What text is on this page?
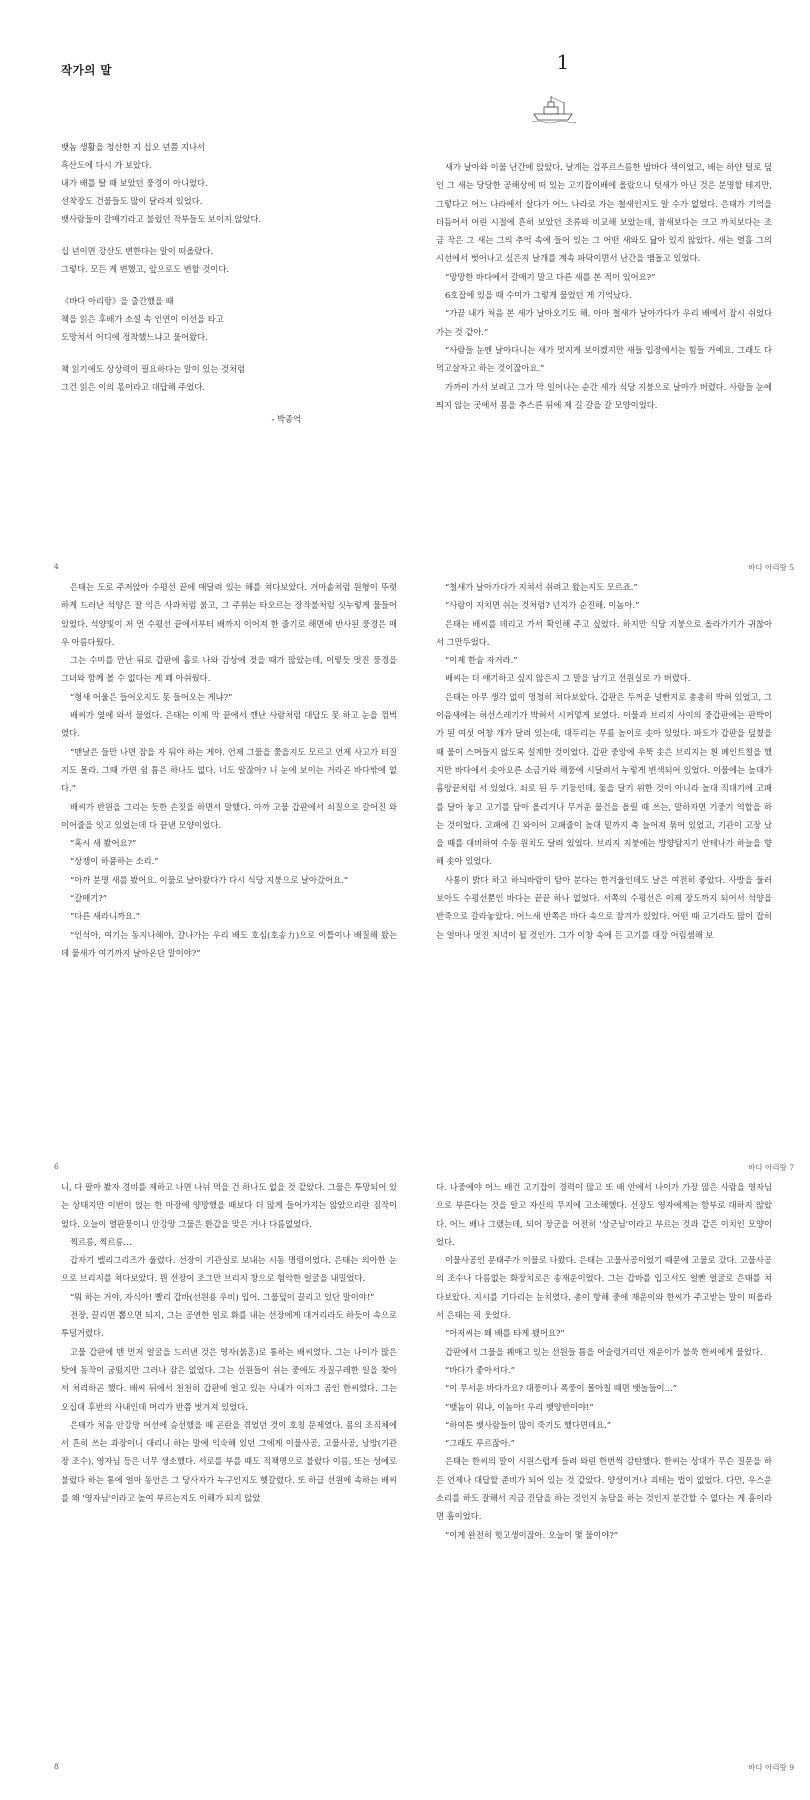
작가의 말
뱃놈 생활을 청산한 지 십오 년쯤 지나서
흑산도에 다시 가 보았다.
내가 배를 탈 때 보았던 풍경이 아니었다.
선착장도 건물들도 많이 달라져 있었다.
뱃사람들이 갈매기라고 불렀던 작부들도 보이지 않았다.
십 년이면 강산도 변한다는 말이 떠올랐다.
그렇다. 모든 게 변했고, 앞으로도 변할 것이다.
《바다 아리랑》을 출간했을 때
책을 읽은 후배가 소설 속 인연이 이선을 타고
도망쳐서 어디에 정착했느냐고 물어왔다.
책 읽기에도 상상력이 필요하다는 말이 있는 것처럼
그건 읽은 이의 몫이라고 대답해 주었다.
- 박종억
4
1

새가 날아와 이물 난간에 앉았다. 날개는 검푸르스름한 밤바다 색이었고, 배는 하얀 털로 덮인 그 새는 당당한 공해상에 떠 있는 고기잡이배에 올랐으니 텃새가 아닌 것은 분명할 테지만, 그렇다고 어느 나라에서 살다가 어느 나라로 가는 철새인지도 알 수가 없었다. 은태가 기억을 더듬어서 어린 시절에 흔히 보았던 조류와 비교해 보았는데, 참새보다는 크고 까치보다는 조금 작은 그 새는 그의 추억 속에 들어 있는 그 어떤 새와도 닮아 있지 않았다. 새는 열흘 그의 시선에서 벗어나고 싶은지 날개를 계속 파닥이면서 난간을 맴돌고 있었다.

“망망한 바다에서 갈매기 말고 다른 새를 본 적이 있어요?”

6호잡에 있을 때 수미가 그렇게 물었던 게 기억났다.

“가끔 내가 처음 본 새가 날아오기도 해. 아마 철새가 날아가다가 우리 배에서 잠시 쉬었다 가는 것 같아.”

“사람들 눈엔 날아다니는 새가 멋지게 보이겠지만 새들 입장에서는 힘들 거예요. 그래도 다 먹고살자고 하는 것이잖아요.”

가까이 가서 보려고 그가 막 일어나는 순간 새가 식당 지붕으로 날아가 버렸다. 사람들 눈에 띄지 않는 곳에서 몸을 추스른 뒤에 제 길 갈을 갈 모양이었다.

바다 아리랑 5

은태는 도로 주저앉아 수평선 끝에 매달려 있는 해를 쳐다보았다. 거마솥처럼 원형이 뚜렷하게 드러난 석양은 잘 익은 사과처럼 붉고, 그 주위는 타오르는 장작불처럼 싯누렇게 물들어 있었다. 석양빛이 저 먼 수평선 끝에서부터 배까지 이어져 한 줄기로 해면에 반사된 풍경은 매우 아름다웠다.

그는 수미를 만난 뒤로 갑판에 홀로 나와 감상에 젖을 때가 많았는데, 이렇듯 멋진 풍경을 그녀와 함께 볼 수 없다는 게 꽤 아쉬웠다.

“형새 어울은 들어오지도 못 들어오는 게냐?”

배씨가 옆에 와서 물었다. 은태는 이제 막 끝에서 깬난 사람처럼 대답도 못 하고 눈을 껌벅였다.

“맨날은 들만 나면 잠을 자 둬야 하는 게야. 언제 그물을 쭘을지도 모르고 언제 사고가 터질지도 몰라. 그때 가면 쉼 틈은 하나도 없다. 너도 알잖아? 니 눈에 보이는 거라곤 바다밖에 없다.”

배씨가 반원을 그리는 듯한 손짓을 하면서 말했다. 아까 고물 갑판에서 쇠질으로 갈어진 와이어줄을 잇고 있었는데 다 끝낸 모양이었다.

“혹시 새 봤어요?”

“상쟁이 하품하는 소리.”

“아까 분명 새를 봤어요. 이물로 날아왔다가 다시 식당 지붕으로 날아갔어요.”

“갈매기?”

“다른 새라니까요.”

“인석아, 여기는 동지나해야, 갈나가는 우리 배도 호심(호송力)으로 이틀이나 배질해 왔는데 뭍새가 여기까지 날아온단 말이야?”

6

“철새가 날아가다가 지쳐서 쉬려고 왔는지도 모르죠.”

“사람이 지치면 쉬는 것처럼? 넌지가 순진해. 이놈아.”

은태는 배씨를 데리고 가서 확인해 주고 싶었다. 하지만 식당 지붕으로 올라가기가 귀찮아서 그만두었다.

“이제 한숨 자거라.”

배씨는 더 얘기하고 싶지 않은지 그 말을 남기고 선원실로 가 버렸다.

은태는 아무 생각 없이 멍청히 쳐다보았다. 갑판은 두꺼운 널빤지로 총총히 박혀 있었고, 그 이음새에는 허선스레기가 박혀서 시커멓게 보였다. 이물과 브리지 사이의 중갑판에는 판박이가 된 여섯 어창 개가 달려 있는데, 대두리는 무릎 높이로 솟아 있었다. 파도가 갑판을 덮쳤을 때 물이 스며들지 않도록 설계한 것이었다. 갑판 중앙에 우뚝 솟은 브리지는 흰 페인트칠을 했지만 바다에서 솟아오른 소금기와 해풍에 시달려서 누렇게 변색되어 있었다. 이물에는 높대가 흉앙끝처럼 서 있었다. 쇠로 된 두 기둥인데, 돛을 달기 위한 것이 아니라 높대 직대기에 고패를 달아 놓고 고기를 담아 올리거나 무거운 물건을 올릴 때 쓰는, 말하자면 기중기 역할을 하는 것이었다. 고패에 긴 와이어 고패줄이 높대 밑까지 축 늘어져 묶어 있었고, 기관이 고장 났을 때를 대비하여 수동 원치도 달려 있었다. 브리지 지붕에는 방향탐지기 안테나가 하늘을 향해 솟아 있었다.

사통이 밝다 하고 하늬바람이 탐아 분다는 한겨울인데도 날은 여전히 좋았다. 사방을 둘러보아도 수평선뿐인 바다는 끝끝 하나 없었다. 서쪽의 수평선은 이제 장도까지 되어서 석양을 반죽으로 갈라놓았다. 어느새 반쪽은 바다 속으로 잠겨가 있었다. 어떤 때 고기라도 많이 잡히는 얼마나 멋진 저녁이 될 것인가. 그가 이창 속에 든 고기를 대강 어림셈해 보

바다 아리랑 7

니, 다 팔아 봤자 경비를 제하고 나면 나뉘 먹을 건 하나도 없을 것 같았다. 그물은 투망되어 있는 상태지만 이번이 얹는 한 마장에 양망했을 때보다 더 많게 들어가지는 않았으리란 짐작이었다. 오늘이 열판뭉이니 안강망 그물은 환갑을 맞은 거나 다름없었다.

찍르릉, 찍르릉…

갑자기 벨리그리즈가 울렸다. 선장이 기관실로 보내는 시동 명령이었다. 은태는 의아한 눈으로 브리지를 쳐다보았다. 뭔 선장이 조그만 브리지 창으로 험악한 얼굴을 내밀었다.

“뭐 하는 거야, 자식아! 빨리 갑바(선원용 우비) 입어. 그물덮이 끌리고 있단 말이야!”

전장, 끌리면 뽑으면 되지, 그는 공연한 일로 화를 내는 선장에게 대거리라도 하듯이 속으로 투덜거렸다.

고물 갑판에 맨 먼저 얼굴을 드러낸 것은 영자(붉혼)로 통하는 배씨였다. 그는 나이가 많은 탓에 동작이 굼떴지만 그러나 잠은 없었다. 그는 선원들이 쉬는 중에도 자질구레한 일을 찾아서 처리하곤 했다. 배씨 뒤에서 천천히 갑판에 얼고 있는 사내가 이자그 곰인 한씨였다. 그는 오십대 후반의 사내인데 머리가 반쯤 벗겨져 있었다.

은태가 처음 안강망 어선에 승선했을 때 곤란을 겪었던 것이 호칭 문제였다. 몸의 조직체에서 흔히 쓰는 과장이니 대리니 하는 말에 익숙해 있던 그에게 이물사공, 고물사공, 낭방(기관장 조수), 영자님 등은 너무 생소했다. 서로를 부를 때도 직책명으로 불렀다 이름, 또는 성에로 불렀다 하는 통에 얼마 동안은 그 당사자가 누구인지도 헷갈렸다. 또 하급 선원에 속하는 배씨를 왜 '영자님'이라고 높여 부르는지도 이해가 되지 않았

8

다. 나중에야 어느 배건 고기잡이 경력이 많고 또 배 안에서 나이가 가장 많은 사람을 영자님으로 부른다는 것을 알고 자신의 무지에 고소해했다. 선장도 영자에게는 함부로 대하지 않았다. 어느 배나 그랬는데, 되어 장군을 어전히 '상군님'이라고 부르는 것과 같은 이치인 모양이었다.

이물사공인 문태주가 이물로 나왔다. 은태는 고물사공이었기 때문에 고물로 갔다. 고물사공의 조수나 다름없는 화장치로은 송재운이었다. 그는 갑바를 입고서도 얼빤 얼굴로 은태를 쳐다보았다. 지시를 기다리는 눈치였다. 총이 항해 중에 재운이와 한씨가 주고받는 말이 떠올라서 은태는 픽 웃었다.

“아저씨는 왜 배를 타게 됐어요?”

갑판에서 그물을 꿰매고 있는 선원들 틈을 어슬렁거리던 재운이가 불쑥 한씨에게 물었다.

“바다가 좋아서다.”

“이 무서운 바다가요? 대풍이나 폭풍이 몰아칠 때면 뱃놀들이…”

“뱃놈이 뭐냐, 이놈아! 우리 뱃양반이야!”

“하여튼 뱃사람들이 많이 죽기도 했다면데요.”

“그래도 푸르잖아.”

은태는 한씨의 말이 시원스럽게 들려 와린 한번씩 감탄했다. 한씨는 상대가 무슨 질문을 하든 언제나 대답할 준비가 되어 있는 것 같았다. 양성이거나 괴테는 법이 없었다. 다만, 우스운 소리를 하도 잘해서 지금 진담을 하는 것인지 농담을 하는 것인지 분간할 수 없다는 게 흠이라면 흠이었다.

“이게 완전히 헛고생이잖아. 오늘이 몇 물이야?”

바다 아리랑 9
